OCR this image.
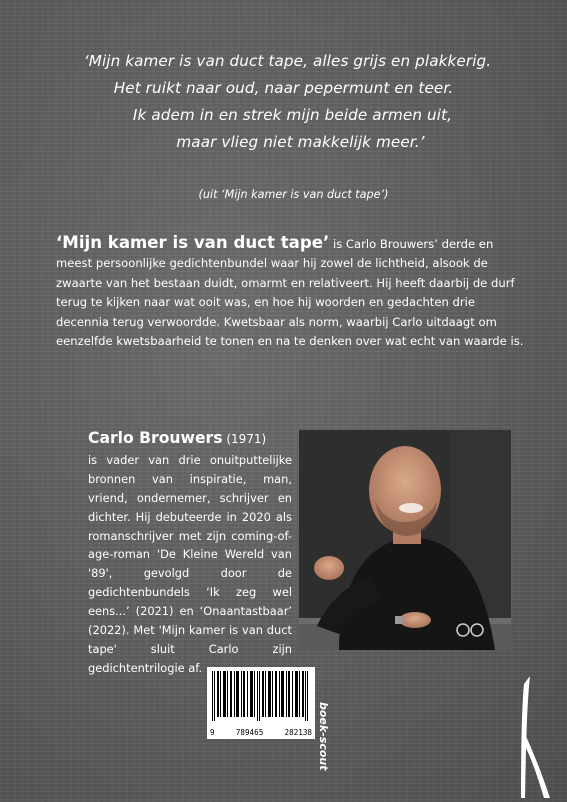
‘Mijn kamer is van duct tape, alles grijs en plakkerig.

Het ruikt naar oud, naar pepermunt en teer.

Ik adem in en strek mijn beide armen uit,

maar vlieg niet makkelijk meer.’

(uit ‘Mijn kamer is van duct tape’)
‘Mijn kamer is van duct tape’ is Carlo Brouwers’ derde en meest persoonlijke gedichtenbundel waar hij zowel de lichtheid, alsook de zwaarte van het bestaan duidt, omarmt en relativeert. Hij heeft daarbij de durf terug te kijken naar wat ooit was, en hoe hij woorden en gedachten drie decennia terug verwoordde. Kwetsbaar als norm, waarbij Carlo uitdaagt om eenzelfde kwetsbaarheid te tonen en na te denken over wat echt van waarde is.
Carlo Brouwers (1971)
is vader van drie onuitputtelijke bronnen van inspiratie, man, vriend, ondernemer, schrijver en dichter. Hij debuteerde in 2020 als romanschrijver met zijn coming-of-age-roman 'De Kleine Wereld van '89', gevolgd door de gedichtenbundels ‘Ik zeg wel eens...’ (2021) en ‘Onaantastbaar’ (2022). Met 'Mijn kamer is van duct tape' sluit Carlo zijn gedichtentrilogie af.
9	789465	282138 boek-scout
